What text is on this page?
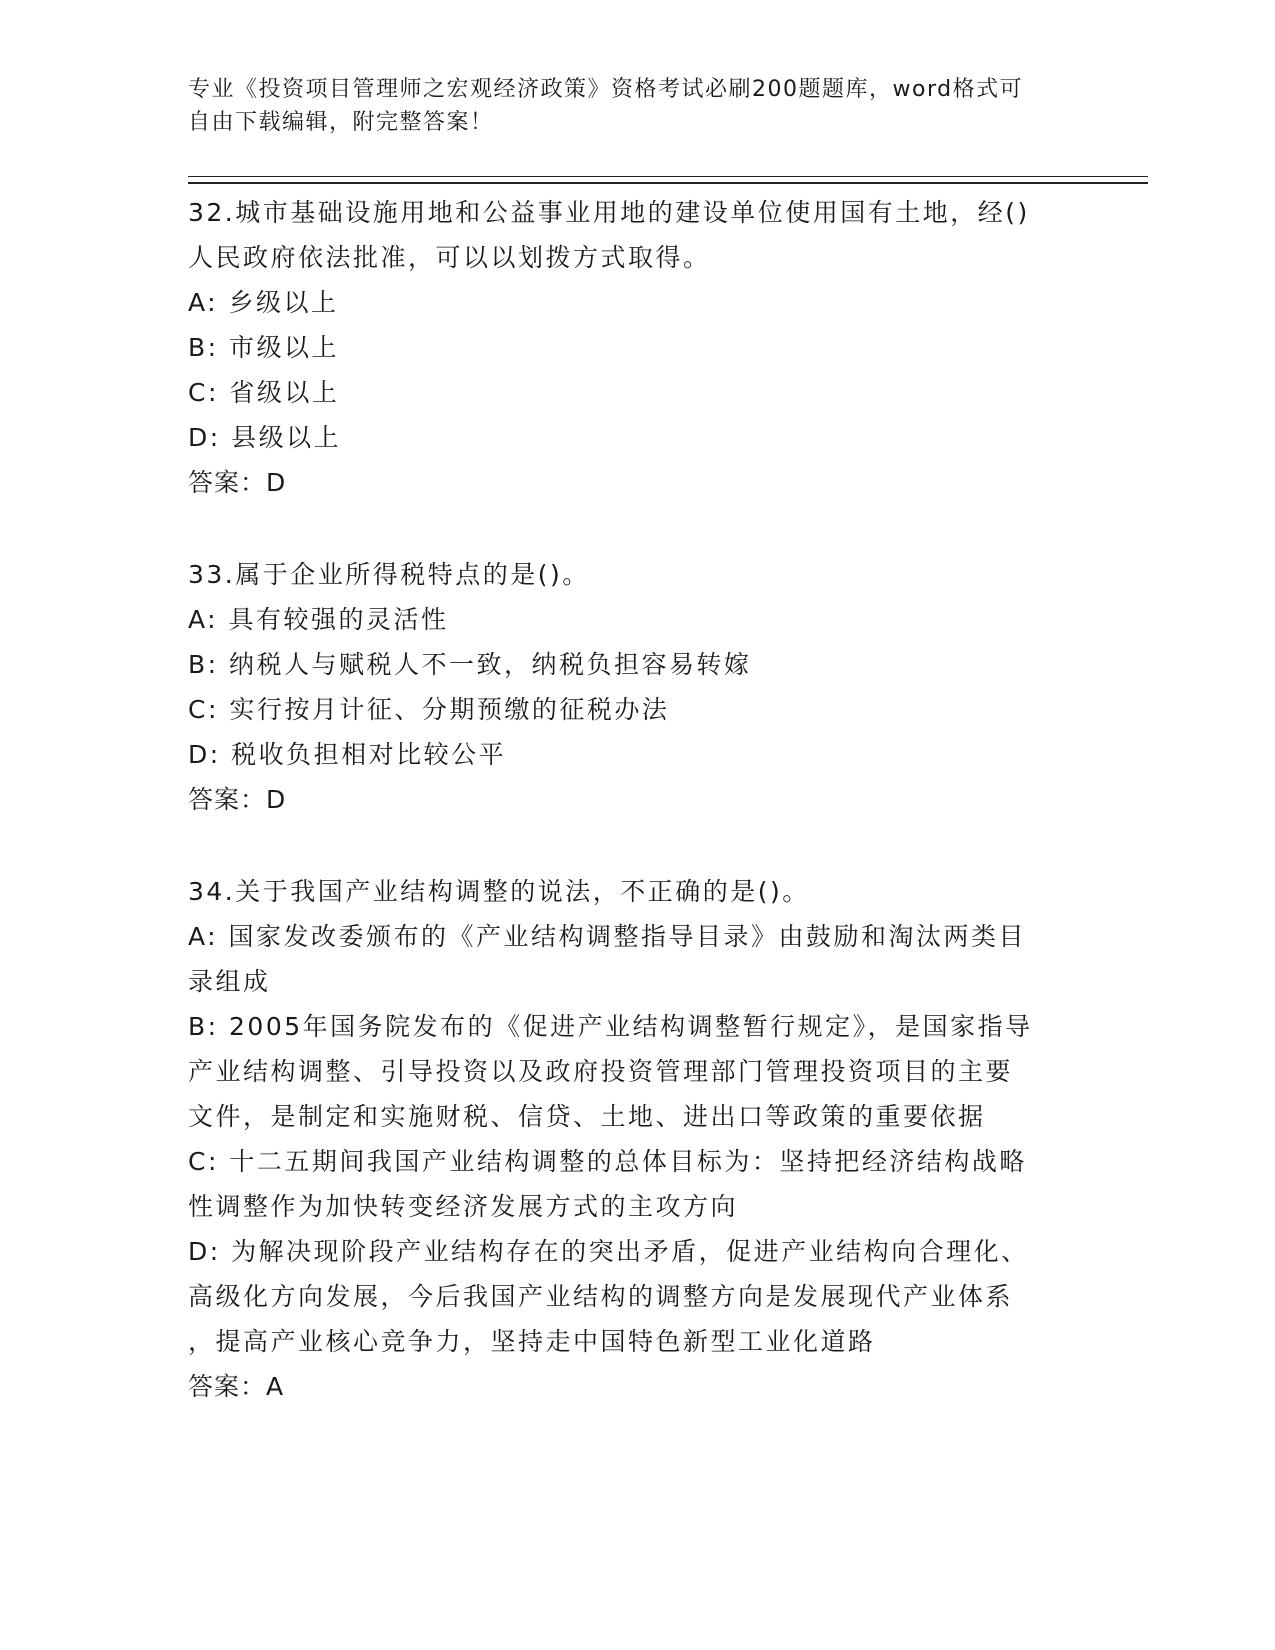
专业《投资项目管理师之宏观经济政策》资格考试必刷200题题库，word格式可
自由下载编辑，附完整答案！
32.城市基础设施用地和公益事业用地的建设单位使用国有土地，经()
人民政府依法批准，可以以划拨方式取得。
A: 乡级以上
B: 市级以上
C: 省级以上
D: 县级以上
答案：D
33.属于企业所得税特点的是()。
A: 具有较强的灵活性
B: 纳税人与赋税人不一致，纳税负担容易转嫁
C: 实行按月计征、分期预缴的征税办法
D: 税收负担相对比较公平
答案：D
34.关于我国产业结构调整的说法，不正确的是()。
A: 国家发改委颁布的《产业结构调整指导目录》由鼓励和淘汰两类目
录组成
B: 2005年国务院发布的《促进产业结构调整暂行规定》，是国家指导
产业结构调整、引导投资以及政府投资管理部门管理投资项目的主要
文件，是制定和实施财税、信贷、土地、进出口等政策的重要依据
C: 十二五期间我国产业结构调整的总体目标为：坚持把经济结构战略
性调整作为加快转变经济发展方式的主攻方向
D: 为解决现阶段产业结构存在的突出矛盾，促进产业结构向合理化、
高级化方向发展，今后我国产业结构的调整方向是发展现代产业体系
，提高产业核心竞争力，坚持走中国特色新型工业化道路
答案：A
